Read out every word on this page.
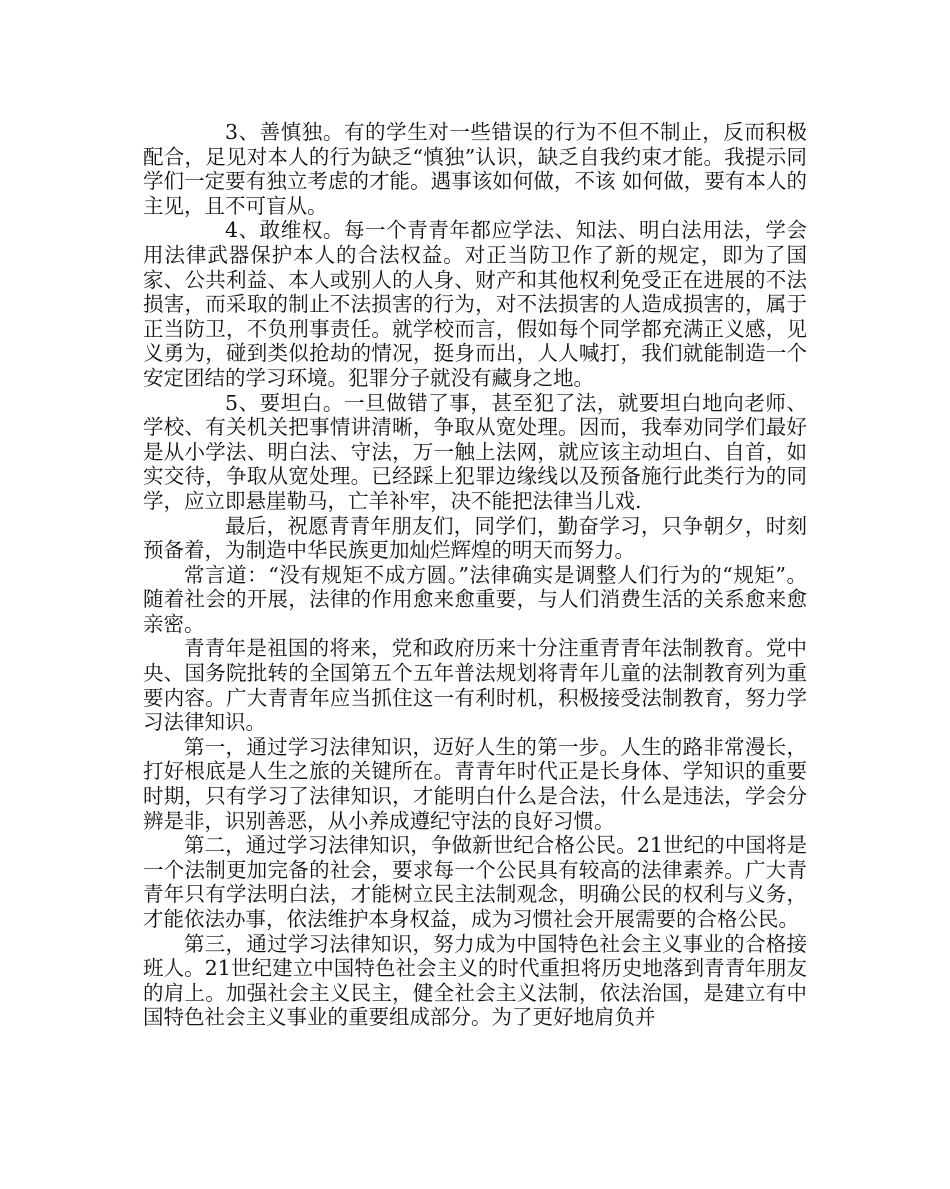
3、善慎独。有的学生对一些错误的行为不但不制止，反而积极配合，足见对本人的行为缺乏“慎独”认识，缺乏自我约束才能。我提示同学们一定要有独立考虑的才能。遇事该如何做，不该 如何做，要有本人的主见，且不可盲从。

4、敢维权。每一个青青年都应学法、知法、明白法用法，学会用法律武器保护本人的合法权益。对正当防卫作了新的规定，即为了国家、公共利益、本人或别人的人身、财产和其他权利免受正在进展的不法损害，而采取的制止不法损害的行为，对不法损害的人造成损害的，属于正当防卫，不负刑事责任。就学校而言，假如每个同学都充满正义感，见义勇为，碰到类似抢劫的情况，挺身而出，人人喊打，我们就能制造一个安定团结的学习环境。犯罪分子就没有藏身之地。

5、要坦白。一旦做错了事，甚至犯了法，就要坦白地向老师、学校、有关机关把事情讲清晰，争取从宽处理。因而，我奉劝同学们最好是从小学法、明白法、守法，万一触上法网，就应该主动坦白、自首，如实交待，争取从宽处理。已经踩上犯罪边缘线以及预备施行此类行为的同学，应立即悬崖勒马，亡羊补牢，决不能把法律当儿戏.

最后，祝愿青青年朋友们，同学们，勤奋学习，只争朝夕，时刻预备着，为制造中华民族更加灿烂辉煌的明天而努力。

常言道：“没有规矩不成方圆。”法律确实是调整人们行为的“规矩”。随着社会的开展，法律的作用愈来愈重要，与人们消费生活的关系愈来愈亲密。

青青年是祖国的将来，党和政府历来十分注重青青年法制教育。党中央、国务院批转的全国第五个五年普法规划将青年儿童的法制教育列为重要内容。广大青青年应当抓住这一有利时机，积极接受法制教育，努力学习法律知识。

第一，通过学习法律知识，迈好人生的第一步。人生的路非常漫长，打好根底是人生之旅的关键所在。青青年时代正是长身体、学知识的重要时期，只有学习了法律知识，才能明白什么是合法，什么是违法，学会分辨是非，识别善恶，从小养成遵纪守法的良好习惯。

第二，通过学习法律知识，争做新世纪合格公民。21世纪的中国将是一个法制更加完备的社会，要求每一个公民具有较高的法律素养。广大青青年只有学法明白法，才能树立民主法制观念，明确公民的权利与义务，才能依法办事，依法维护本身权益，成为习惯社会开展需要的合格公民。

第三，通过学习法律知识，努力成为中国特色社会主义事业的合格接班人。21世纪建立中国特色社会主义的时代重担将历史地落到青青年朋友的肩上。加强社会主义民主，健全社会主义法制，依法治国，是建立有中国特色社会主义事业的重要组成部分。为了更好地肩负并
